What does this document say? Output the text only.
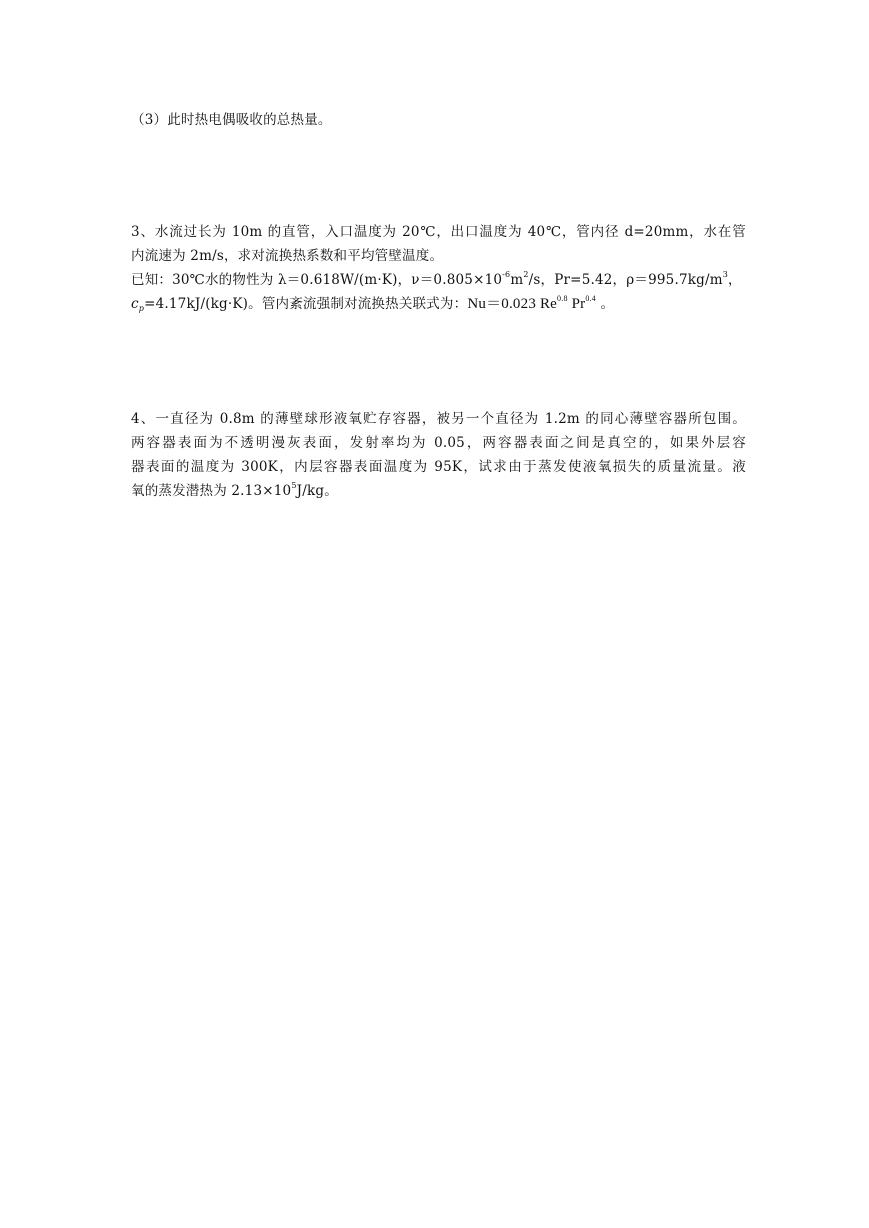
（3）此时热电偶吸收的总热量。
3、水流过长为 10m 的直管，入口温度为 20℃，出口温度为 40℃，管内径 d=20mm，水在管
内流速为 2m/s，求对流换热系数和平均管壁温度。
已知：30℃水的物性为 λ＝0.618W/(m·K)，$\nu=0.805\times 10^{-6}m^2/s$，Pr=5.42，$\rho=995.7kg/m^3$，
$c_p=4.17kJ/(kg\cdot K)$。管内紊流强制对流换热关联式为：Nu＝0.023 $Re^{0.8}$ $Pr^{0.4}$ 。
4、一直径为 0.8m 的薄壁球形液氧贮存容器，被另一个直径为 1.2m 的同心薄壁容器所包围。
两容器表面为不透明漫灰表面，发射率均为 0.05，两容器表面之间是真空的，如果外层容
器表面的温度为 300K，内层容器表面温度为 95K，试求由于蒸发使液氧损失的质量流量。液
氧的蒸发潜热为 $2.13\times 10^5J/kg$。
